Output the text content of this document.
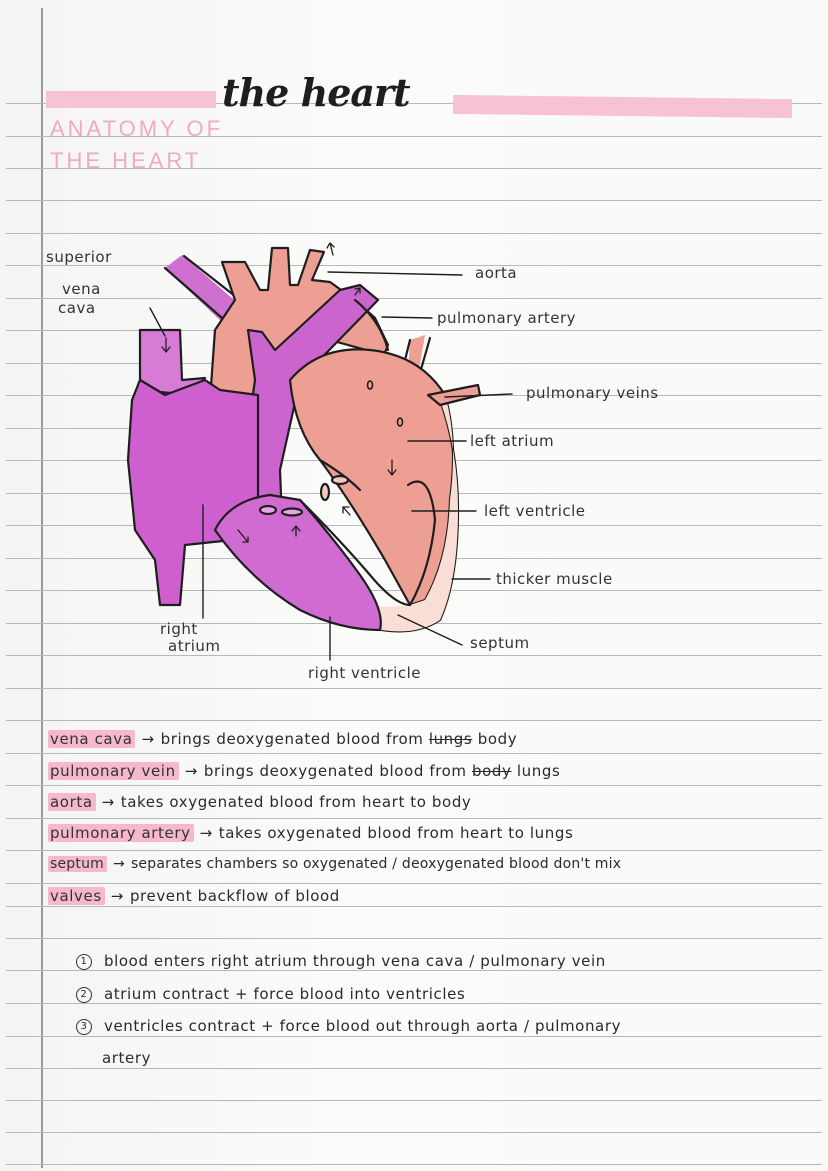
the heart
ANATOMY OF
THE HEART
superior
vena
cava
aorta
pulmonary artery
pulmonary veins
left atrium
left ventricle
thicker muscle
septum
right
atrium
right ventricle
vena cava → brings deoxygenated blood from lungs body
pulmonary vein → brings deoxygenated blood from body lungs
aorta → takes oxygenated blood from heart to body
pulmonary artery → takes oxygenated blood from heart to lungs
septum → separates chambers so oxygenated / deoxygenated blood don't mix
valves → prevent backflow of blood
1 blood enters right atrium through vena cava / pulmonary vein
2 atrium contract + force blood into ventricles
3 ventricles contract + force blood out through aorta / pulmonary
artery
